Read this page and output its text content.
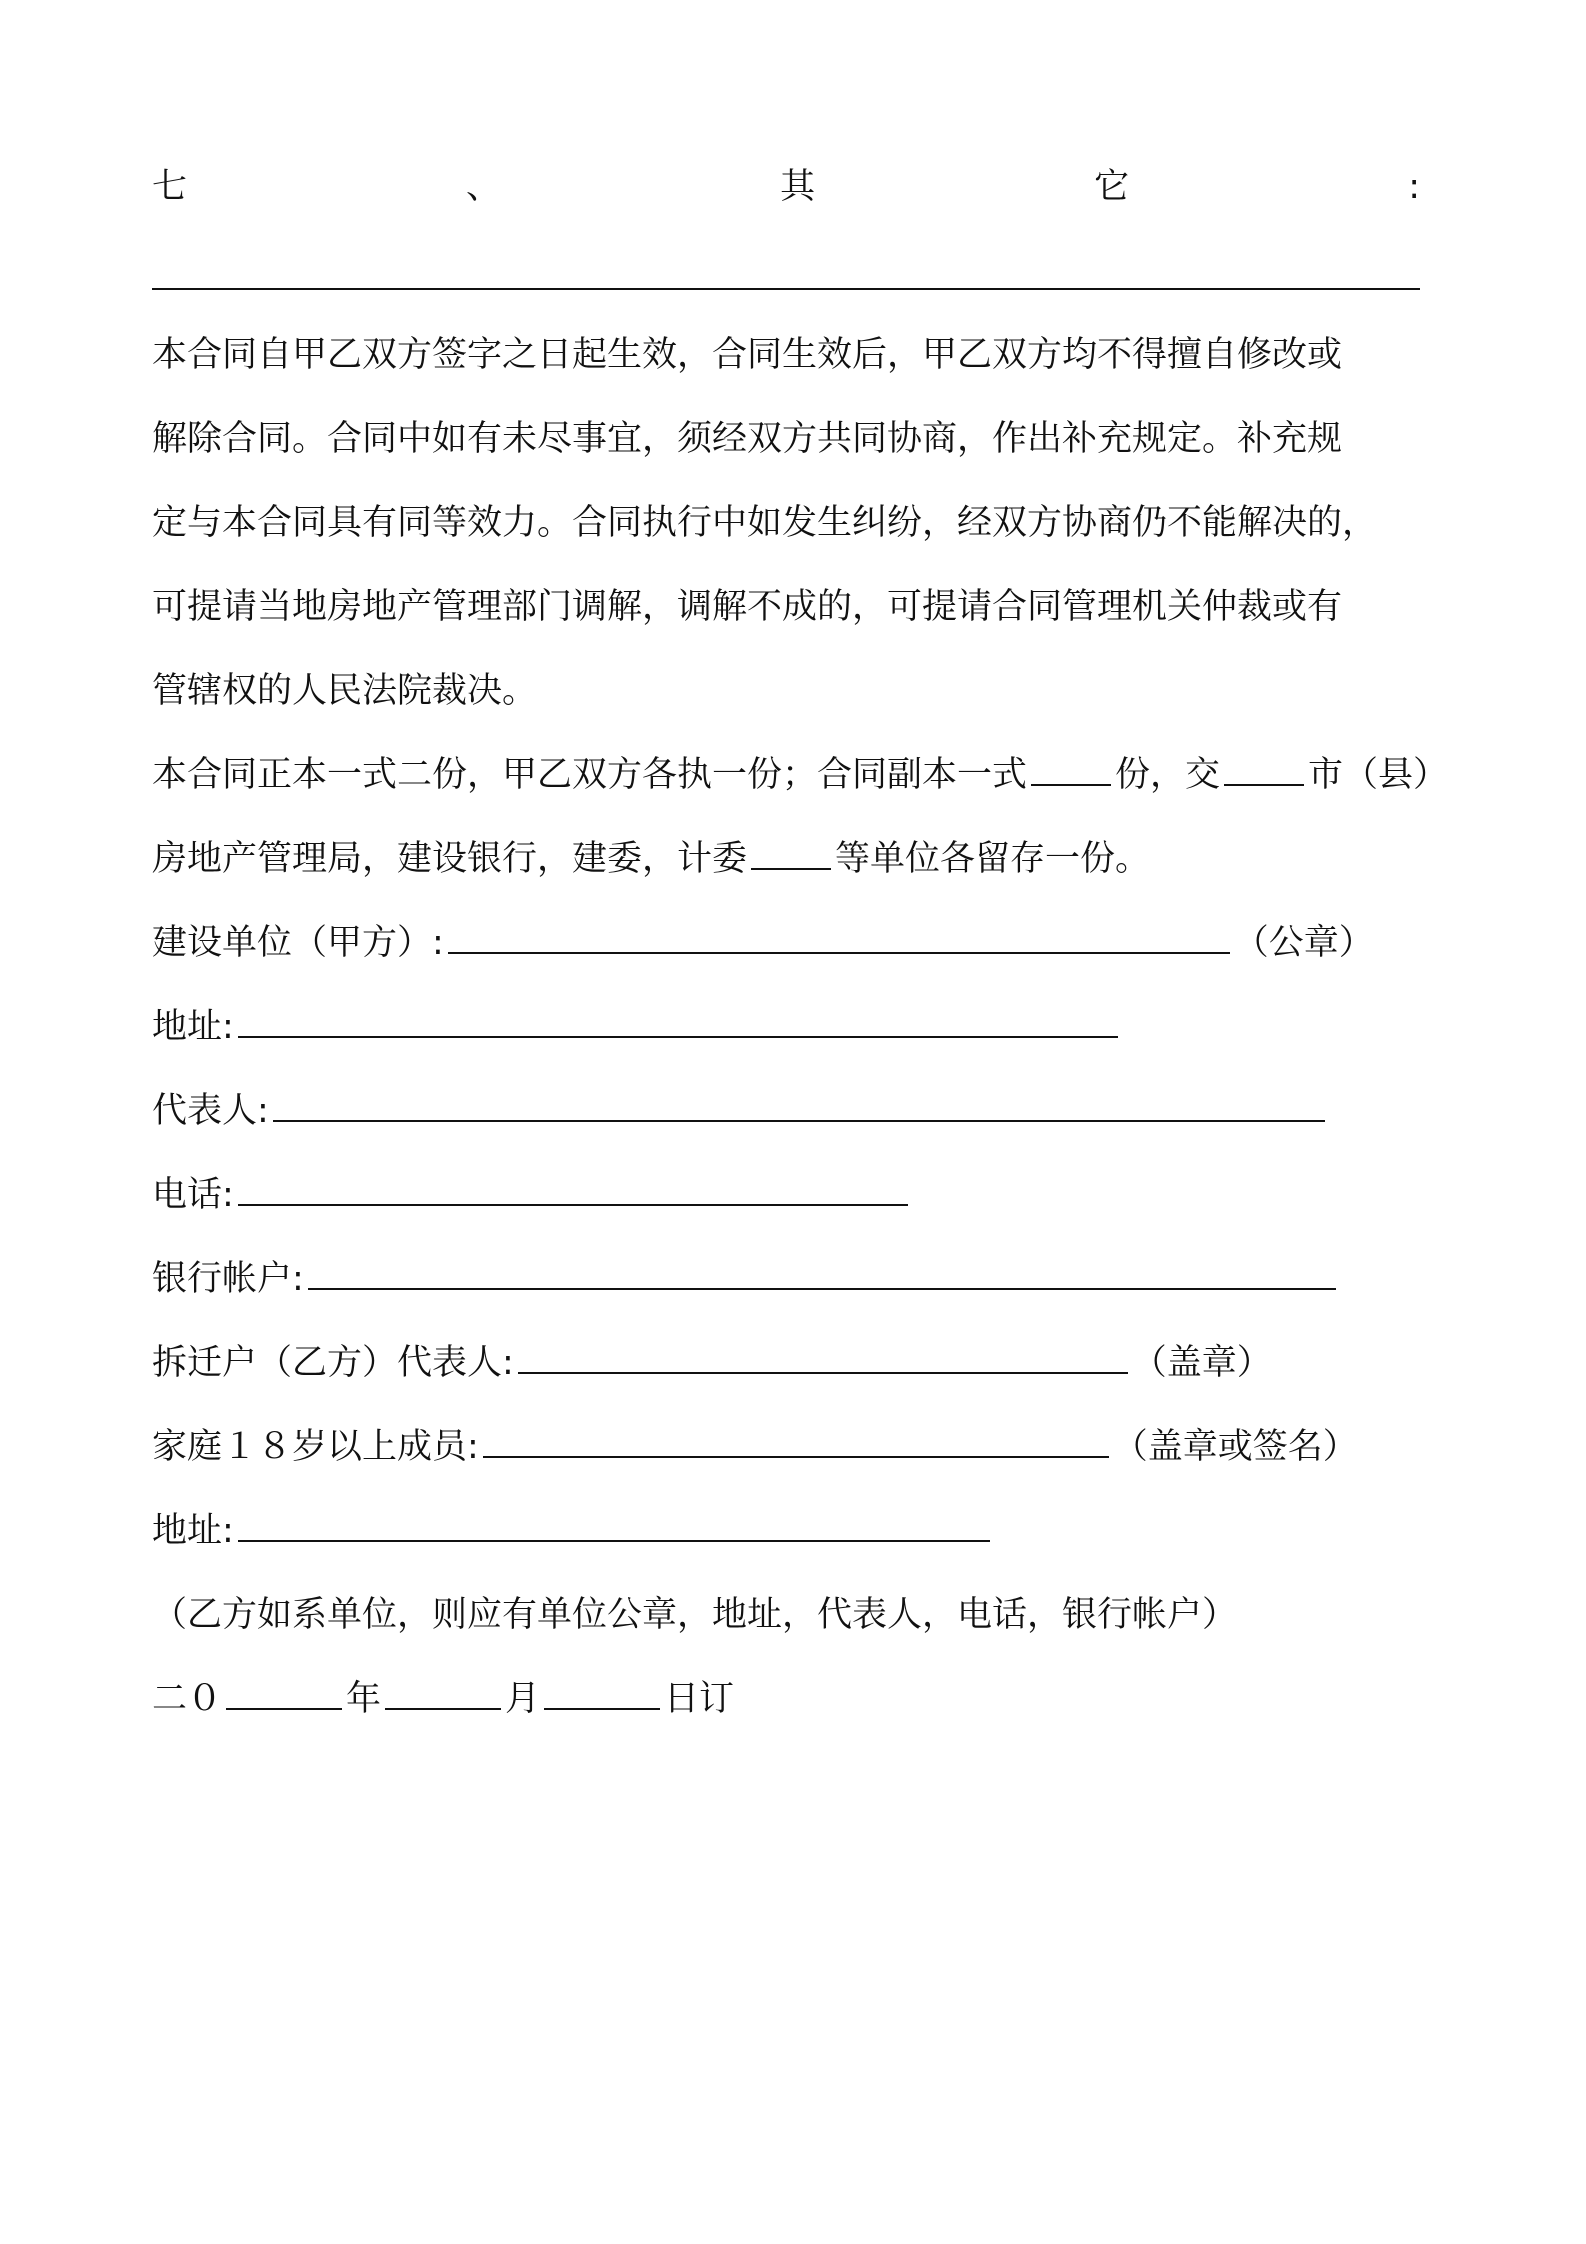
七	、	其	它	:
本合同自甲乙双方签字之日起生效，合同生效后，甲乙双方均不得擅自修改或
解除合同。合同中如有未尽事宜，须经双方共同协商，作出补充规定。补充规
定与本合同具有同等效力。合同执行中如发生纠纷，经双方协商仍不能解决的，
可提请当地房地产管理部门调解，调解不成的，可提请合同管理机关仲裁或有
管辖权的人民法院裁决。
本合同正本一式二份，甲乙双方各执一份；合同副本一式	份，交	市（县）
房地产管理局，建设银行，建委，计委	等单位各留存一份。
建设单位（甲方）:	（公章）
地址:
代表人:
电话:
银行帐户:
拆迁户（乙方）代表人:	（盖章）
家庭１８岁以上成员:	（盖章或签名）
地址:
（乙方如系单位，则应有单位公章，地址，代表人，电话，银行帐户）
二０	年	月	日订
